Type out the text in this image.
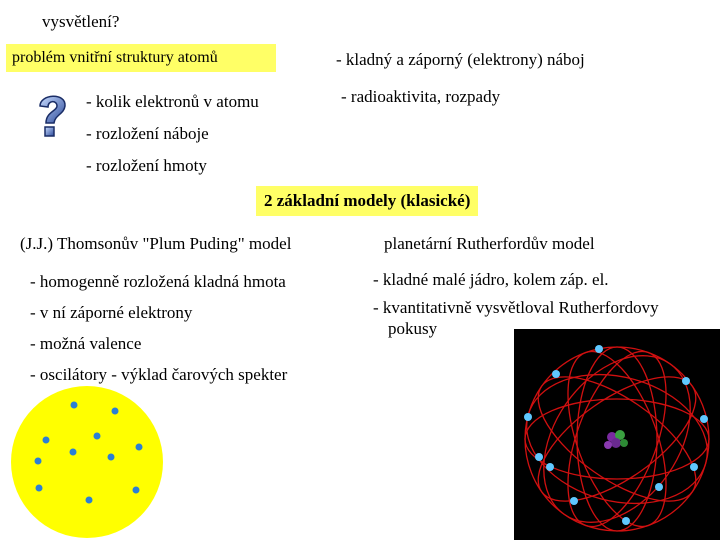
vysvětlení?
problém vnitřní struktury atomů	- kladný a záporný (elektrony) náboj
- radioaktivita, rozpady
- kolik elektronů v atomu
- rozložení náboje
- rozložení hmoty
2 základní modely (klasické)
(J.J.) Thomsonův "Plum Puding" model
- homogenně rozložená kladná hmota
- v ní záporné elektrony
- možná valence
- oscilátory - výklad čarových spekter
planetární Rutherfordův model
- kladné malé jádro, kolem záp. el.
- kvantitativně vysvětloval Rutherfordovy
pokusy
